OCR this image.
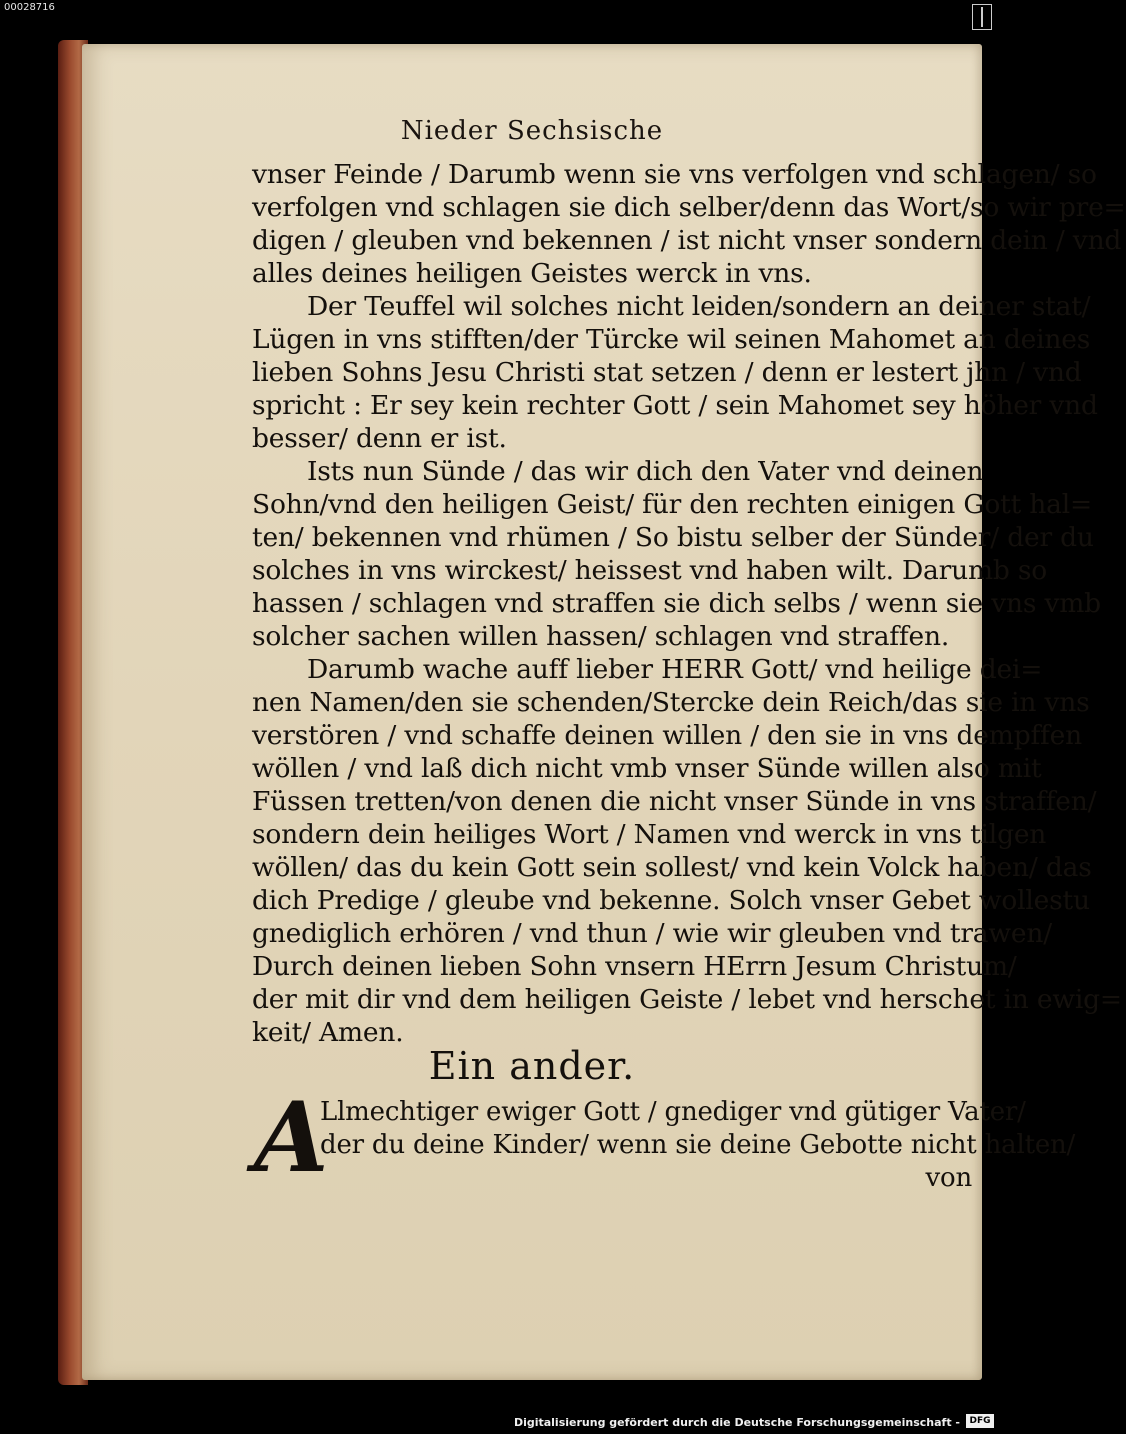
00028716
Nieder Sechsische
vnser Feinde / Darumb wenn sie vns verfolgen vnd schlagen/ so
verfolgen vnd schlagen sie dich selber/denn das Wort/so wir pre=
digen / gleuben vnd bekennen / ist nicht vnser sondern dein / vnd
alles deines heiligen Geistes werck in vns.
Der Teuffel wil solches nicht leiden/sondern an deiner stat/
Lügen in vns stifften/der Türcke wil seinen Mahomet an deines
lieben Sohns Jesu Christi stat setzen / denn er lestert jhn / vnd
spricht : Er sey kein rechter Gott / sein Mahomet sey höher vnd
besser/ denn er ist.
Ists nun Sünde / das wir dich den Vater vnd deinen
Sohn/vnd den heiligen Geist/ für den rechten einigen Gott hal=
ten/ bekennen vnd rhümen / So bistu selber der Sünder/ der du
solches in vns wirckest/ heissest vnd haben wilt. Darumb so
hassen / schlagen vnd straffen sie dich selbs / wenn sie vns vmb
solcher sachen willen hassen/ schlagen vnd straffen.
Darumb wache auff lieber HERR Gott/ vnd heilige dei=
nen Namen/den sie schenden/Stercke dein Reich/das sie in vns
verstören / vnd schaffe deinen willen / den sie in vns dempffen
wöllen / vnd laß dich nicht vmb vnser Sünde willen also mit
Füssen tretten/von denen die nicht vnser Sünde in vns straffen/
sondern dein heiliges Wort / Namen vnd werck in vns tilgen
wöllen/ das du kein Gott sein sollest/ vnd kein Volck haben/ das
dich Predige / gleube vnd bekenne. Solch vnser Gebet wollestu
gnediglich erhören / vnd thun / wie wir gleuben vnd trawen/
Durch deinen lieben Sohn vnsern HErrn Jesum Christum/
der mit dir vnd dem heiligen Geiste / lebet vnd herschet in ewig=
keit/ Amen.
Ein ander.
A
Llmechtiger ewiger Gott / gnediger vnd gütiger Vater/
der du deine Kinder/ wenn sie deine Gebotte nicht halten/
von
Digitalisierung gefördert durch die Deutsche Forschungsgemeinschaft -	DFG
